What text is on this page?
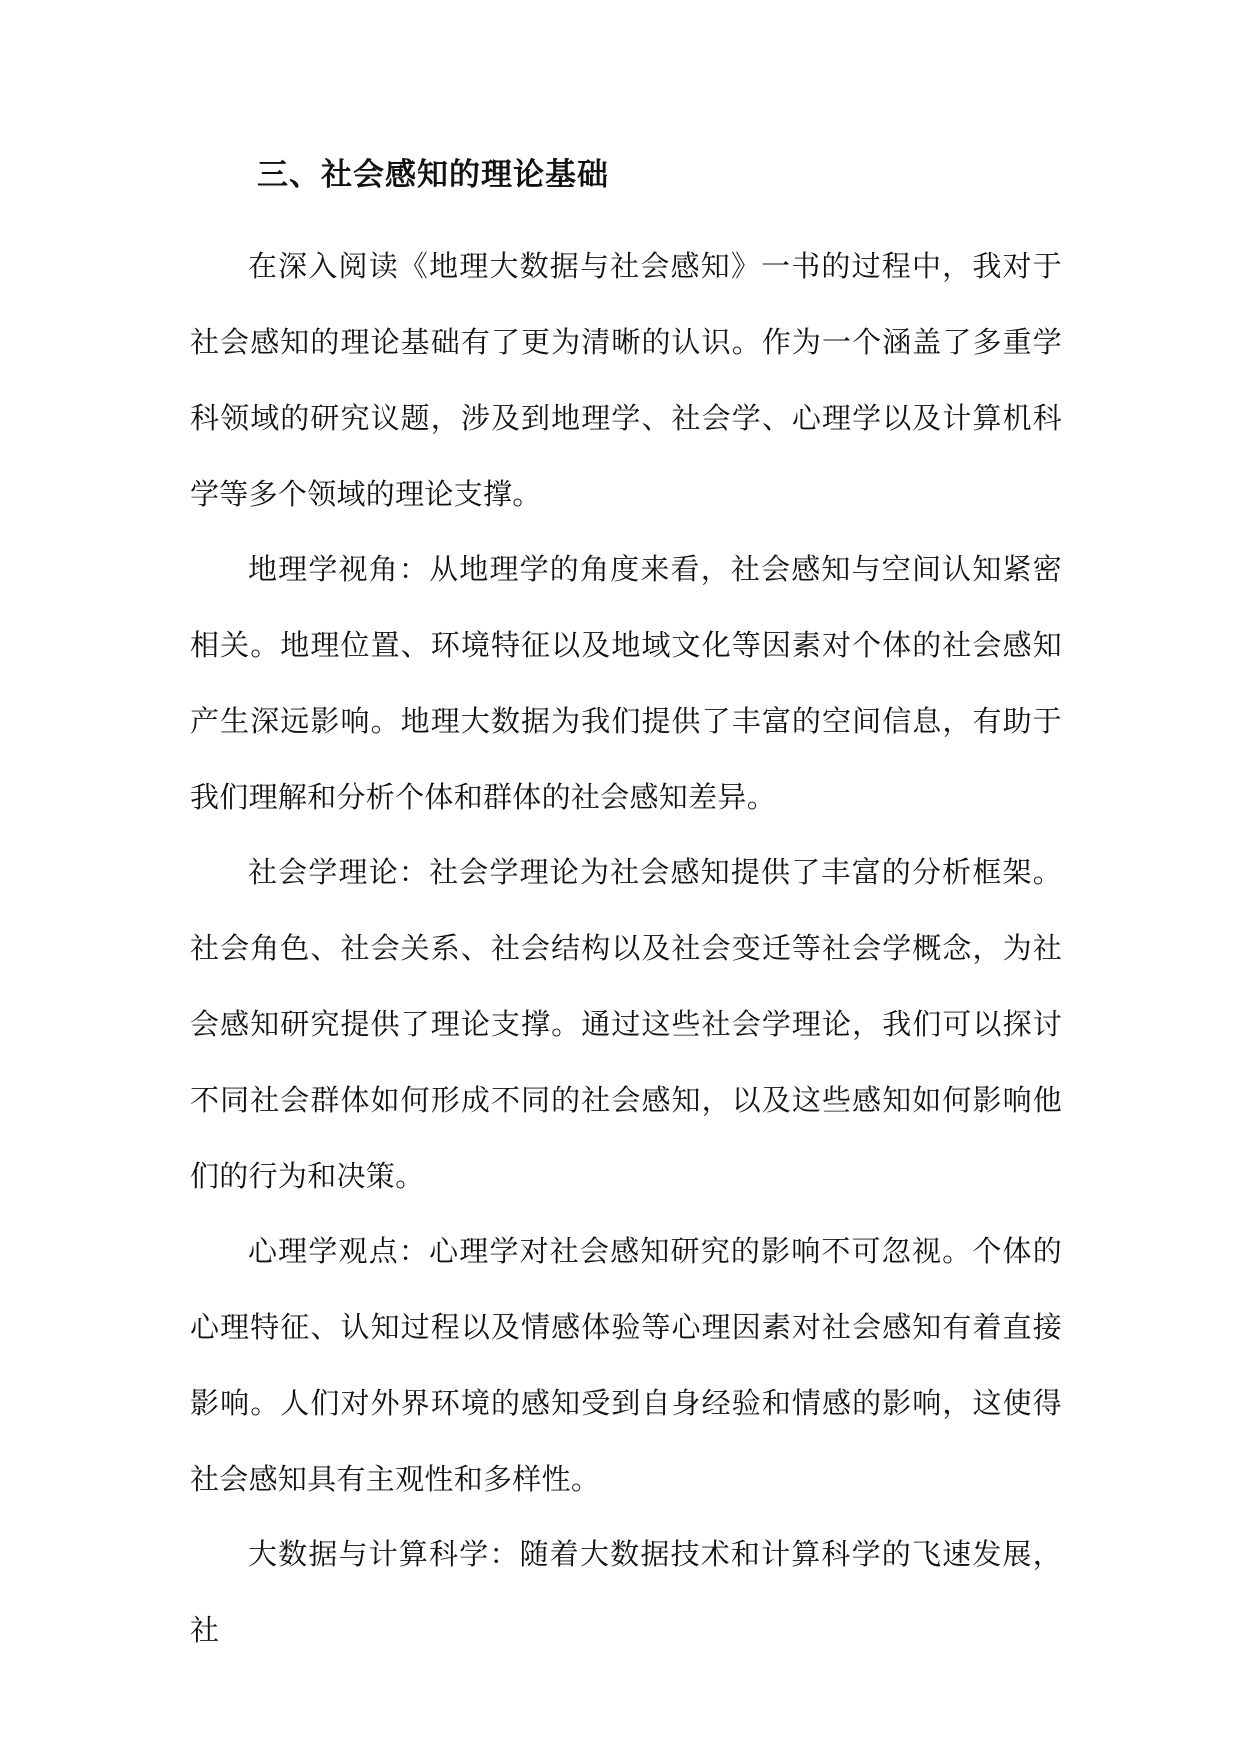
三、社会感知的理论基础

在深入阅读《地理大数据与社会感知》一书的过程中，我对于社会感知的理论基础有了更为清晰的认识。作为一个涵盖了多重学科领域的研究议题，涉及到地理学、社会学、心理学以及计算机科学等多个领域的理论支撑。

地理学视角：从地理学的角度来看，社会感知与空间认知紧密相关。地理位置、环境特征以及地域文化等因素对个体的社会感知产生深远影响。地理大数据为我们提供了丰富的空间信息，有助于我们理解和分析个体和群体的社会感知差异。

社会学理论：社会学理论为社会感知提供了丰富的分析框架。社会角色、社会关系、社会结构以及社会变迁等社会学概念，为社会感知研究提供了理论支撑。通过这些社会学理论，我们可以探讨不同社会群体如何形成不同的社会感知，以及这些感知如何影响他们的行为和决策。

心理学观点：心理学对社会感知研究的影响不可忽视。个体的心理特征、认知过程以及情感体验等心理因素对社会感知有着直接影响。人们对外界环境的感知受到自身经验和情感的影响，这使得社会感知具有主观性和多样性。

大数据与计算科学：随着大数据技术和计算科学的飞速发展，社
